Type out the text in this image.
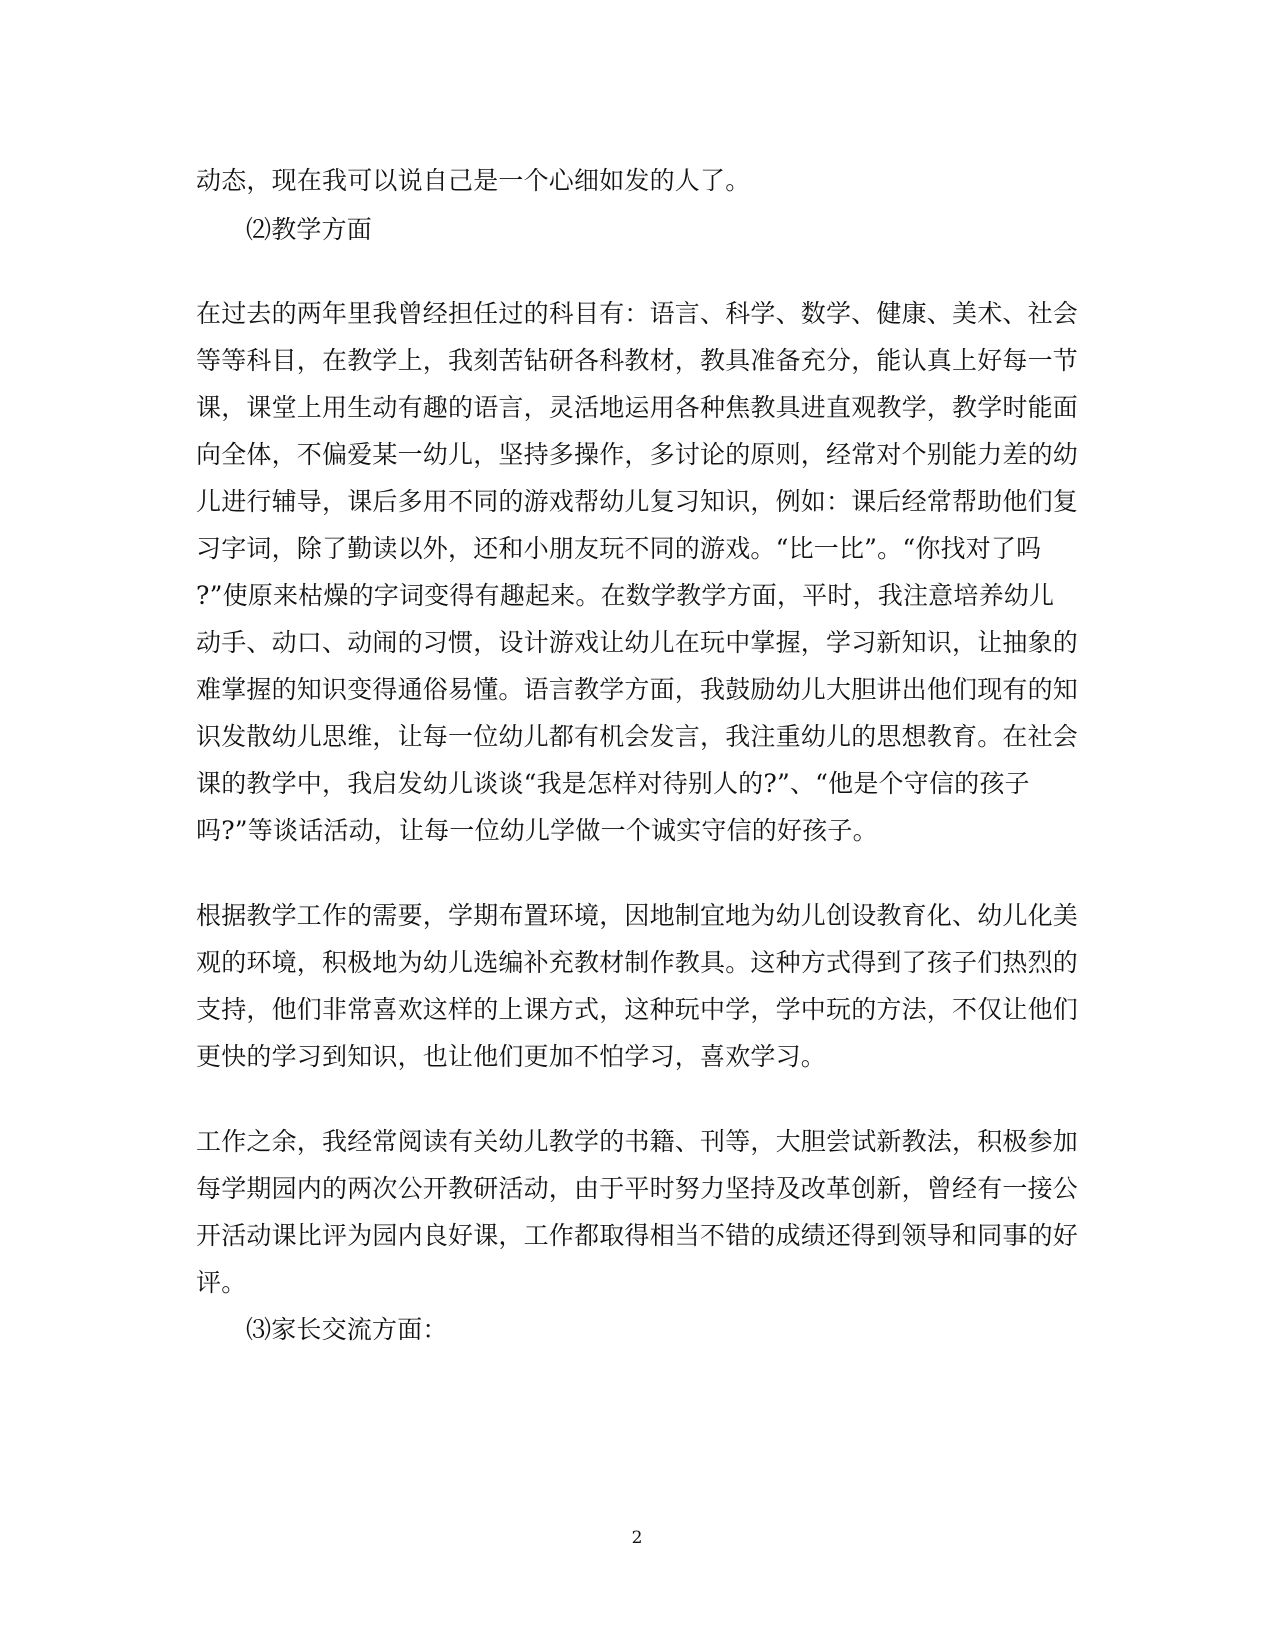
动态，现在我可以说自己是一个心细如发的人了。
⑵教学方面
在过去的两年里我曾经担任过的科目有：语言、科学、数学、健康、美术、社会
等等科目，在教学上，我刻苦钻研各科教材，教具准备充分，能认真上好每一节
课，课堂上用生动有趣的语言，灵活地运用各种焦教具进直观教学，教学时能面
向全体，不偏爱某一幼儿，坚持多操作，多讨论的原则，经常对个别能力差的幼
儿进行辅导，课后多用不同的游戏帮幼儿复习知识，例如：课后经常帮助他们复
习字词，除了勤读以外，还和小朋友玩不同的游戏。“比一比”。“你找对了吗
?”使原来枯燥的字词变得有趣起来。在数学教学方面，平时，我注意培养幼儿
动手、动口、动闹的习惯，设计游戏让幼儿在玩中掌握，学习新知识，让抽象的
难掌握的知识变得通俗易懂。语言教学方面，我鼓励幼儿大胆讲出他们现有的知
识发散幼儿思维，让每一位幼儿都有机会发言，我注重幼儿的思想教育。在社会
课的教学中，我启发幼儿谈谈“我是怎样对待别人的?”、“他是个守信的孩子
吗?”等谈话活动，让每一位幼儿学做一个诚实守信的好孩子。
根据教学工作的需要，学期布置环境，因地制宜地为幼儿创设教育化、幼儿化美
观的环境，积极地为幼儿选编补充教材制作教具。这种方式得到了孩子们热烈的
支持，他们非常喜欢这样的上课方式，这种玩中学，学中玩的方法，不仅让他们
更快的学习到知识，也让他们更加不怕学习，喜欢学习。
工作之余，我经常阅读有关幼儿教学的书籍、刊等，大胆尝试新教法，积极参加
每学期园内的两次公开教研活动，由于平时努力坚持及改革创新，曾经有一接公
开活动课比评为园内良好课，工作都取得相当不错的成绩还得到领导和同事的好
评。
⑶家长交流方面：
2
